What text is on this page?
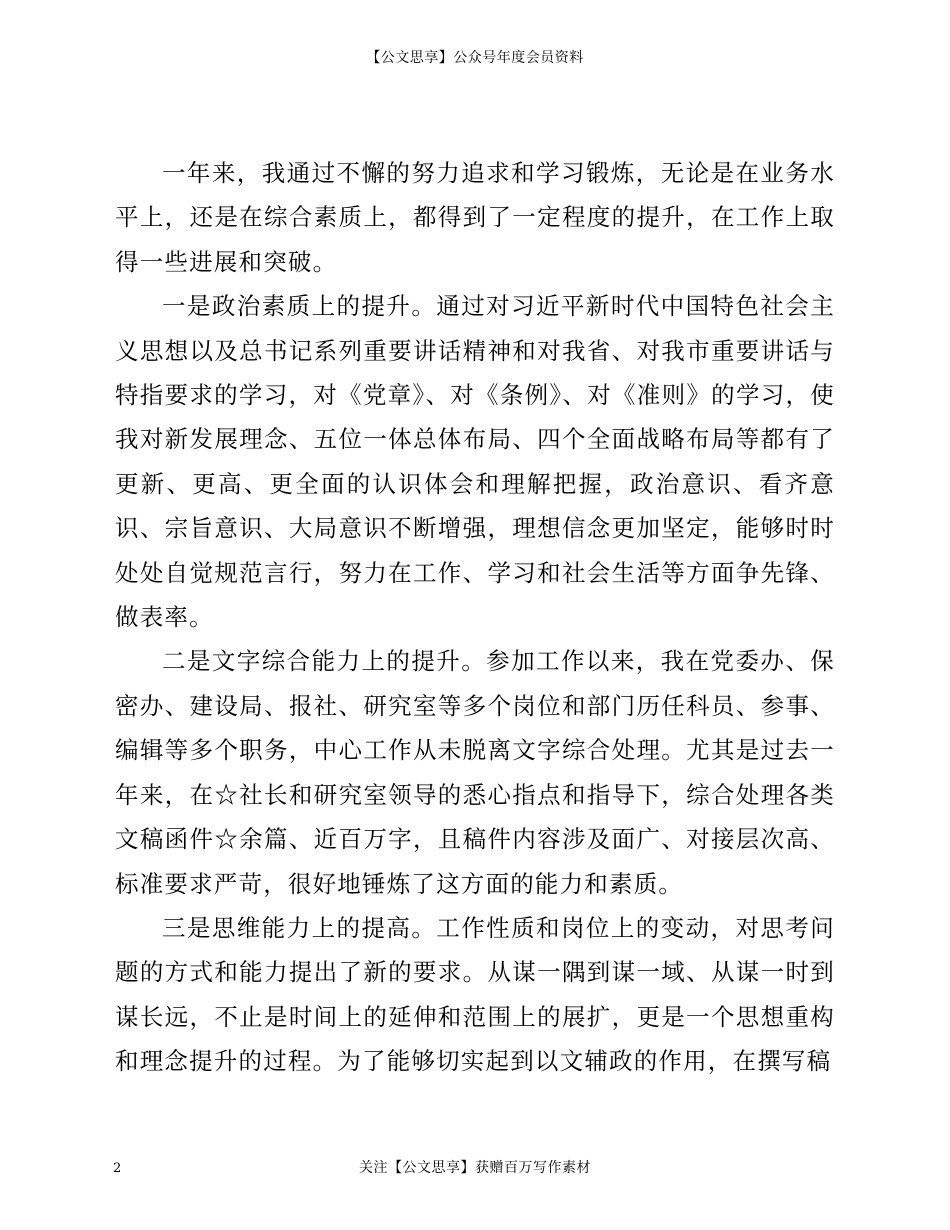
【公文思享】公众号年度会员资料

一年来，我通过不懈的努力追求和学习锻炼，无论是在业务水平上，还是在综合素质上，都得到了一定程度的提升，在工作上取得一些进展和突破。

一是政治素质上的提升。通过对习近平新时代中国特色社会主义思想以及总书记系列重要讲话精神和对我省、对我市重要讲话与特指要求的学习，对《党章》、对《条例》、对《准则》的学习，使我对新发展理念、五位一体总体布局、四个全面战略布局等都有了更新、更高、更全面的认识体会和理解把握，政治意识、看齐意识、宗旨意识、大局意识不断增强，理想信念更加坚定，能够时时处处自觉规范言行，努力在工作、学习和社会生活等方面争先锋、做表率。

二是文字综合能力上的提升。参加工作以来，我在党委办、保密办、建设局、报社、研究室等多个岗位和部门历任科员、参事、编辑等多个职务，中心工作从未脱离文字综合处理。尤其是过去一年来，在☆社长和研究室领导的悉心指点和指导下，综合处理各类文稿函件☆余篇、近百万字，且稿件内容涉及面广、对接层次高、标准要求严苛，很好地锤炼了这方面的能力和素质。

三是思维能力上的提高。工作性质和岗位上的变动，对思考问题的方式和能力提出了新的要求。从谋一隅到谋一域、从谋一时到谋长远，不止是时间上的延伸和范围上的展扩，更是一个思想重构和理念提升的过程。为了能够切实起到以文辅政的作用，在撰写稿

2	关注【公文思享】获赠百万写作素材
